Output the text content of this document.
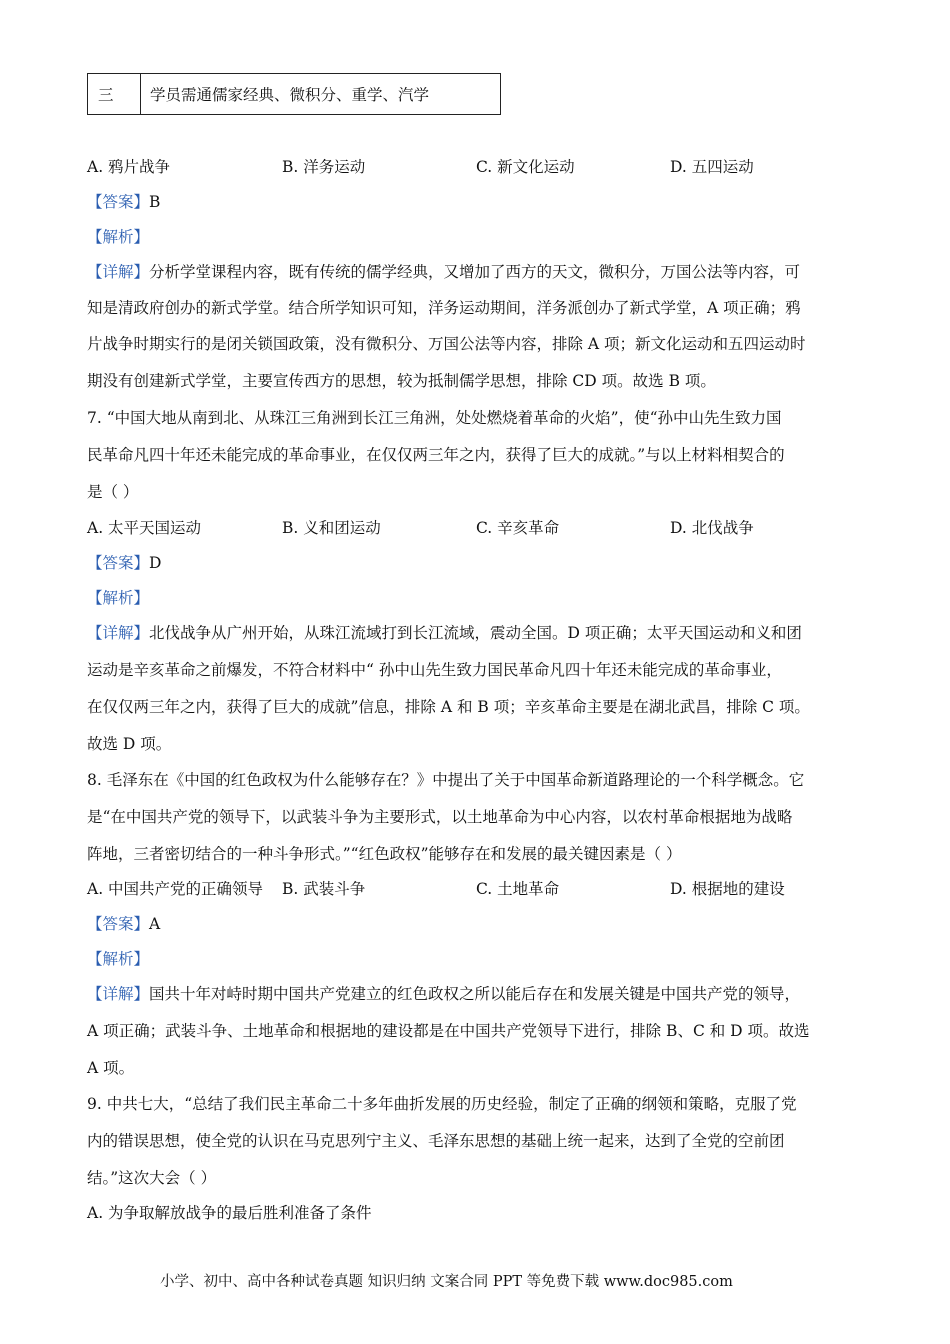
三 学员需通儒家经典、微积分、重学、汽学
A. 鸦片战争	B. 洋务运动	C. 新文化运动	D. 五四运动
【答案】B
【解析】
【详解】分析学堂课程内容，既有传统的儒学经典，又增加了西方的天文，微积分，万国公法等内容，可
知是清政府创办的新式学堂。结合所学知识可知，洋务运动期间，洋务派创办了新式学堂，A 项正确；鸦
片战争时期实行的是闭关锁国政策，没有微积分、万国公法等内容，排除 A 项；新文化运动和五四运动时
期没有创建新式学堂，主要宣传西方的思想，较为抵制儒学思想，排除 CD 项。故选 B 项。
7. “中国大地从南到北、从珠江三角洲到长江三角洲，处处燃烧着革命的火焰”，使“孙中山先生致力国
民革命凡四十年还未能完成的革命事业，在仅仅两三年之内，获得了巨大的成就。”与以上材料相契合的
是（ ）
A. 太平天国运动	B. 义和团运动	C. 辛亥革命	D. 北伐战争
【答案】D
【解析】
【详解】北伐战争从广州开始，从珠江流域打到长江流域，震动全国。D 项正确；太平天国运动和义和团
运动是辛亥革命之前爆发，不符合材料中“ 孙中山先生致力国民革命凡四十年还未能完成的革命事业，
在仅仅两三年之内，获得了巨大的成就”信息，排除 A 和 B 项；辛亥革命主要是在湖北武昌，排除 C 项。
故选 D 项。
8. 毛泽东在《中国的红色政权为什么能够存在？》中提出了关于中国革命新道路理论的一个科学概念。它
是“在中国共产党的领导下，以武装斗争为主要形式，以土地革命为中心内容，以农村革命根据地为战略
阵地，三者密切结合的一种斗争形式。”“红色政权”能够存在和发展的最关键因素是（ ）
A. 中国共产党的正确领导 B. 武装斗争	C. 土地革命	D. 根据地的建设
【答案】A
【解析】
【详解】国共十年对峙时期中国共产党建立的红色政权之所以能后存在和发展关键是中国共产党的领导，
A 项正确；武装斗争、土地革命和根据地的建设都是在中国共产党领导下进行，排除 B、C 和 D 项。故选
A 项。
9. 中共七大，“总结了我们民主革命二十多年曲折发展的历史经验，制定了正确的纲领和策略，克服了党
内的错误思想，使全党的认识在马克思列宁主义、毛泽东思想的基础上统一起来，达到了全党的空前团
结。”这次大会（ ）
A. 为争取解放战争的最后胜利准备了条件
小学、初中、高中各种试卷真题 知识归纳 文案合同 PPT 等免费下载 www.doc985.com
